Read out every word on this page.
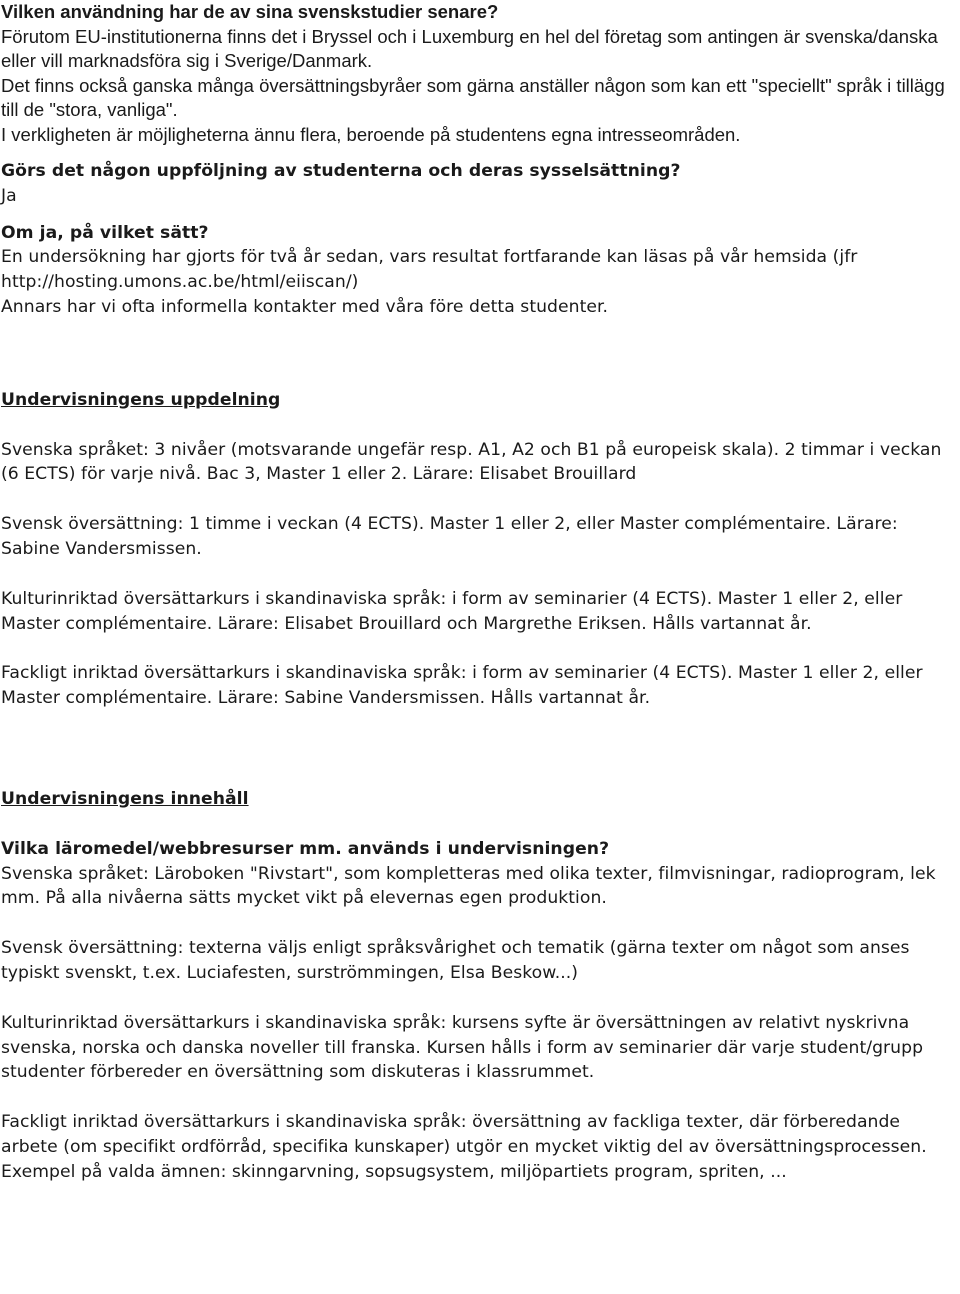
Vilken användning har de av sina svenskstudier senare?

Förutom EU-institutionerna finns det i Bryssel och i Luxemburg en hel del företag som antingen är svenska/danska eller vill marknadsföra sig i Sverige/Danmark.

Det finns också ganska många översättningsbyråer som gärna anställer någon som kan ett "speciellt" språk i tillägg till de "stora, vanliga".

I verkligheten är möjligheterna ännu flera, beroende på studentens egna intresseområden.

Görs det någon uppföljning av studenterna och deras sysselsättning?

Ja

Om ja, på vilket sätt?

En undersökning har gjorts för två år sedan, vars resultat fortfarande kan läsas på vår hemsida (jfr http://hosting.umons.ac.be/html/eiiscan/)

Annars har vi ofta informella kontakter med våra före detta studenter.

Undervisningens uppdelning

Svenska språket: 3 nivåer (motsvarande ungefär resp. A1, A2 och B1 på europeisk skala). 2 timmar i veckan (6 ECTS) för varje nivå. Bac 3, Master 1 eller 2. Lärare: Elisabet Brouillard

Svensk översättning: 1 timme i veckan (4 ECTS). Master 1 eller 2, eller Master complémentaire. Lärare: Sabine Vandersmissen.

Kulturinriktad översättarkurs i skandinaviska språk: i form av seminarier (4 ECTS). Master 1 eller 2, eller Master complémentaire. Lärare: Elisabet Brouillard och Margrethe Eriksen. Hålls vartannat år.

Fackligt inriktad översättarkurs i skandinaviska språk: i form av seminarier (4 ECTS). Master 1 eller 2, eller Master complémentaire. Lärare: Sabine Vandersmissen. Hålls vartannat år.

Undervisningens innehåll

Vilka läromedel/webbresurser mm. används i undervisningen?

Svenska språket: Läroboken "Rivstart", som kompletteras med olika texter, filmvisningar, radioprogram, lek mm. På alla nivåerna sätts mycket vikt på elevernas egen produktion.

Svensk översättning: texterna väljs enligt språksvårighet och tematik (gärna texter om något som anses typiskt svenskt, t.ex. Luciafesten, surströmmingen, Elsa Beskow...)

Kulturinriktad översättarkurs i skandinaviska språk: kursens syfte är översättningen av relativt nyskrivna svenska, norska och danska noveller till franska. Kursen hålls i form av seminarier där varje student/grupp studenter förbereder en översättning som diskuteras i klassrummet.

Fackligt inriktad översättarkurs i skandinaviska språk: översättning av fackliga texter, där förberedande arbete (om specifikt ordförråd, specifika kunskaper) utgör en mycket viktig del av översättningsprocessen. Exempel på valda ämnen: skinngarvning, sopsugsystem, miljöpartiets program, spriten, ...
